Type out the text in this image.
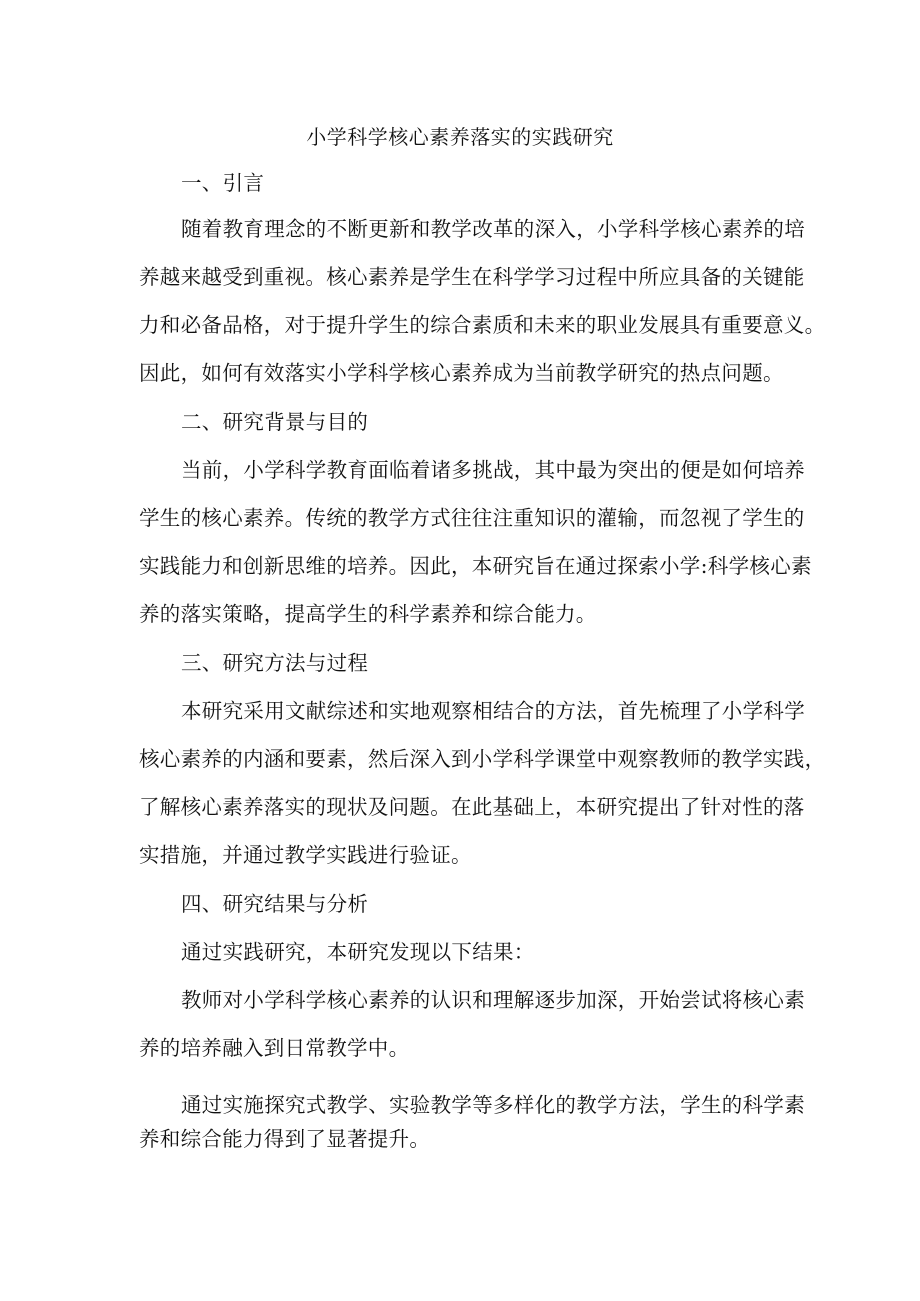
小学科学核心素养落实的实践研究
一、引言
随着教育理念的不断更新和教学改革的深入，小学科学核心素养的培
养越来越受到重视。核心素养是学生在科学学习过程中所应具备的关键能
力和必备品格，对于提升学生的综合素质和未来的职业发展具有重要意义。
因此，如何有效落实小学科学核心素养成为当前教学研究的热点问题。
二、研究背景与目的
当前，小学科学教育面临着诸多挑战，其中最为突出的便是如何培养
学生的核心素养。传统的教学方式往往注重知识的灌输，而忽视了学生的
实践能力和创新思维的培养。因此，本研究旨在通过探索小学:科学核心素
养的落实策略，提高学生的科学素养和综合能力。
三、研究方法与过程
本研究采用文献综述和实地观察相结合的方法，首先梳理了小学科学
核心素养的内涵和要素，然后深入到小学科学课堂中观察教师的教学实践，
了解核心素养落实的现状及问题。在此基础上，本研究提出了针对性的落
实措施，并通过教学实践进行验证。
四、研究结果与分析
通过实践研究，本研究发现以下结果：
教师对小学科学核心素养的认识和理解逐步加深，开始尝试将核心素
养的培养融入到日常教学中。
通过实施探究式教学、实验教学等多样化的教学方法，学生的科学素
养和综合能力得到了显著提升。
